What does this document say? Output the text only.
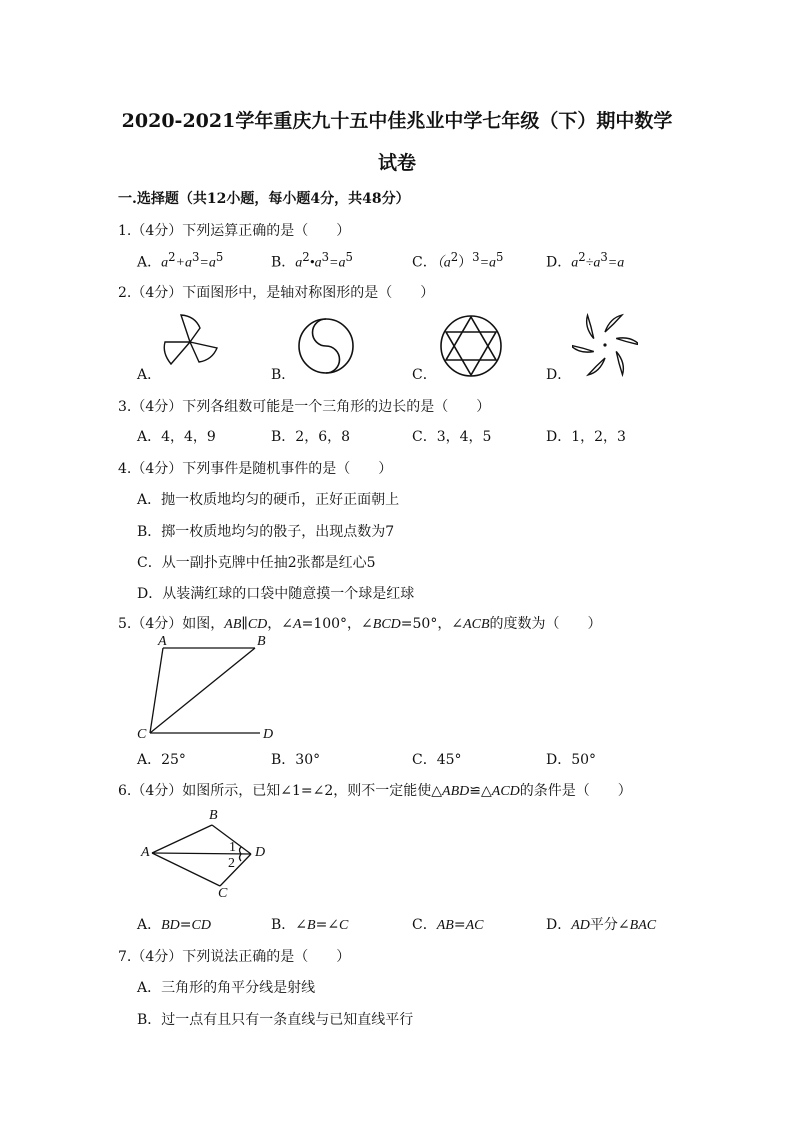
2020-2021学年重庆九十五中佳兆业中学七年级（下）期中数学
试卷
一.选择题（共12小题，每小题4分，共48分）
1.（4分）下列运算正确的是（　　）
A．$a^2+a^3=a^5$	B．$a^2•a^3=a^5$	C．$(a^2)^3=a^5$	D．$a^2\div a^3=a$
2.（4分）下面图形中，是轴对称图形的是（　　）
A．	B．	C．	D．
3.（4分）下列各组数可能是一个三角形的边长的是（　　）
A．4，4，9	B．2，6，8	C．3，4，5	D．1，2，3
4.（4分）下列事件是随机事件的是（　　）
A．抛一枚质地均匀的硬币，正好正面朝上
B．掷一枚质地均匀的骰子，出现点数为7
C．从一副扑克牌中任抽2张都是红心5
D．从装满红球的口袋中随意摸一个球是红球
5.（4分）如图，AB∥CD，∠A=100°，∠BCD=50°，∠ACB的度数为（　　）
A	B
C	D
A．25°	B．30°	C．45°	D．50°
6.（4分）如图所示，已知∠1=∠2，则不一定能使△ABD≌△ACD的条件是（　　）
A
B
C
D
1
2
A．BD=CD	B．∠B=∠C	C．AB=AC	D．AD平分∠BAC
7.（4分）下列说法正确的是（　　）
A．三角形的角平分线是射线
B．过一点有且只有一条直线与已知直线平行
